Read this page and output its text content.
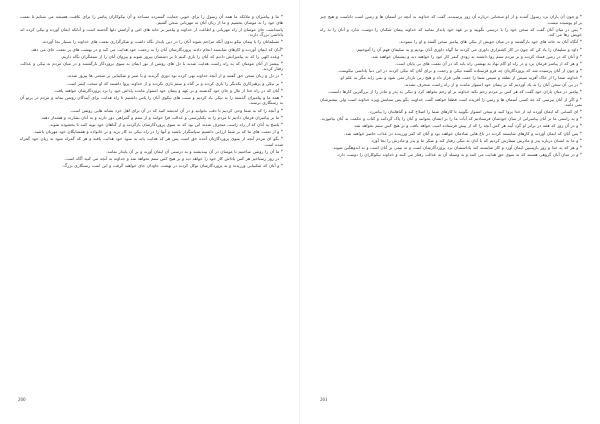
* ما و پیامبران و ملائکه ما همه آن رسول را براي خوبی حمایت گسترده مساجد و آن نیکوکاران پیامبر را برای عاقبت همیشه می ستایم تا نعمت های خود را به مومنان بخشیم و ما از زبان آنان به مهربانی سخن گفتیم.

پاسداشت جان مومنان از راه مهربانی و اطاعت از خداوند و پیامبر بر خانه های امن و آرامش دلها گذشته است و آنانکه ایمان آورده و نیکی کرده اند پاداشی بزرگ دارند.

* مسلمانان را با پیمان نیکو بدون آنکه مزاحم شوند آنان را در دین پایدار نگاه داشت و شکرگزاری نعمت های خداوند را بسیار بجا آوردند.

*آنان که ایمان آوردند و کارهای شایسته انجام دادند پروردگارشان آنان را به رحمت خود هدایت می کند و در بهشت های پر نعمت جای می دهد.

* وعده الهی را که به پیامبرانش دادیم که آنان را یاری کنیم تا بر دشمنان پیروز شوند و پیروان آنان را از ستمگران نگاه داریم.

* بیشتر از آنان مومنان که به راه راست هدایت شدند با دل های روشن از نور ایمان به سوی پروردگار بازگشتند و در میان مردم به نیکی و عدالت رفتار کردند.

* در دل و زبان سخن حق گفتند و از آنچه خداوند نهی کرده بود دوری گزیدند و با صبر و شکیبایی بر سختی ها پیروز شدند.

* بر نیکی و پرهیزکاری یکدیگر را یاری کردند و بر گناه و ستم یاری نکردند و از خداوند پروا داشتند که او سخت کیفر است.

* آنان که در راه خدا از مال و جان خود گذشتند و بر عهد و پیمان خود استوار ماندند پاداش خود را نزد پروردگارشان خواهند یافت.

* همه ما و پیامبران گذشته را به نیکی یاد کردیم و سنت های نیکوی آنان را پاس داشتیم تا راه هدایت برای آیندگان روشن بماند و مردم در پرتو آن به رستگاری برسند.

* و آنچه را که به شما وحی کردیم با دقت بخوانید و در آن اندیشه کنید که در آن برای اهل خرد نشانه هایی روشن است.

* ما بر پیامبران فرمان دادیم تا مردم را به یکتاپرستی و عدالت فرا خوانند و از ستم و گمراهی دور دارند و به آنان بشارت و هشدار دهند.

* پاسخ به آنان که از راه راست منحرف شدند این بود که به سوی پروردگارشان بازگردند و از گناهان خود توبه کنند تا بخشوده شوند.

* و از نعمت های ما که بر شما ارزانی داشتیم سپاسگزار باشید و آنها را در راه نیکی به کار برید و بر خانواده و همسایگان خود مهربان باشید.

* بگو ای مردم آنچه از سوی پروردگارتان آمده حق است پس هر که هدایت یابد به سود خود هدایت یافته و هر که گمراه شود به زیان خود گمراه شده است.

* ما آن را روشن ساختیم تا مومنان در آن بیندیشند و به درستی آن ایمان آورند و بر آن پایدار بمانند.

* در روز رستاخیز هر کس پاداش کار خود را خواهد دید و بر هیچ کس ستم نخواهد شد و خداوند به آنچه می کنید آگاه است.

* و آنان که شکیبایی ورزیدند و به پروردگارشان توکل کردند در بهشت جاودان جای خواهند گرفت و این است رستگاری بزرگ.

260

* و چون آن یاران نزد رسول آمدند و از او سخنانی درباره آن روز پرسیدند، گفت که خداوند به آنچه در آسمان ها و زمین است داناست و هیچ چیز بر او پوشیده نیست.

* پس در میان آنان گفت که سخن خود را با درستی بگویید و بر عهد خود پایدار بمانید که خداوند پیمان شکنان را دوست ندارد و آنان را به راه خویش رها می کند.

* آنگاه آنان به خانه های خود بازگشتند و در میان خویش از نیکی های پیامبر سخن گفتند و او را ستودند.

* داود و سلیمان را یاد کن که چون در کار کشتزاری داوری می کردند ما گواه داوری آنان بودیم و به سلیمان فهم آن را آموختیم.

* و آنان که در زمین فساد کردند و بر مردم ستم روا داشتند به زودی کیفر کار خود را خواهند دید و پشیمان خواهند شد.

* و هر که از پیامبر فرمان برد و در راه او گام نهاد به بهشتی راه یابد که در آن نعمت های بی پایان است.

* و چون از آنان پرسیده شد که پروردگارتان چه فرو فرستاده گفتند نیکی و رحمت و برای آنان که نیکی کردند در این دنیا پاداشی نیکوست.

* خداوند شما را از خاک آفرید سپس از نطفه و سپس شما را جفت هایی قرار داد و هیچ زنی باردار نمی شود و نمی زاید مگر به علم او.

* در پی آن سخن آنان را به یاد آوردیم که بر پیمان خود استوار ماندند و از راه راست منحرف نشدند.

* پیامبر در میان یاران خود گفت که هر کس بر مردم رحم نکند خداوند بر او رحم نخواهد کرد و نیکی به پدر و مادر را از بزرگترین کارها دانست.

* و اگر از آنان بپرسی که چه کسی آسمان ها و زمین را آفریده است قطعا خواهند گفت خداوند، بگو پس ستایش ویژه خداوند است ولی بیشترشان نمی دانند.

* ای کسانی که ایمان آورده اید از خدا پروا کنید و سخن استوار بگویید تا کارهای شما را اصلاح کند و گناهانتان را بیامرزد.

* و به راستی ما بر آنان پیامبرانی از میان خودشان فرستادیم که آیات ما را بر ایشان بخوانند و آنان را پاک گردانند و کتاب و حکمت به آنان بیاموزند.

* و در آن روز که همه در برابر او گرد آیند هر کس آنچه را که از پیش فرستاده است خواهد یافت و بر هیچ کس ستم نخواهد شد.

* پس آنان که ایمان آوردند و کارهای شایسته کردند در باغ هایی شادمان خواهند بود و آنان که کفر ورزیدند در عذاب حاضر خواهند شد.

* و ما به انسان درباره پدر و مادرش سفارش کردیم که با آنان به نیکی رفتار کند و شکر ما و پدر و مادرش را بجا آورد.

* و هر که به خدا و روز بازپسین ایمان آورد و کار شایسته کند پاداششان نزد پروردگارشان است و نه بیمی بر آنان است و نه اندوهگین شوند.

* و در میان آنان گروهی هستند که به سوی حق هدایت می کنند و به وسیله آن به عدالت رفتار می کنند و خداوند نیکوکاران را دوست دارد.

261
